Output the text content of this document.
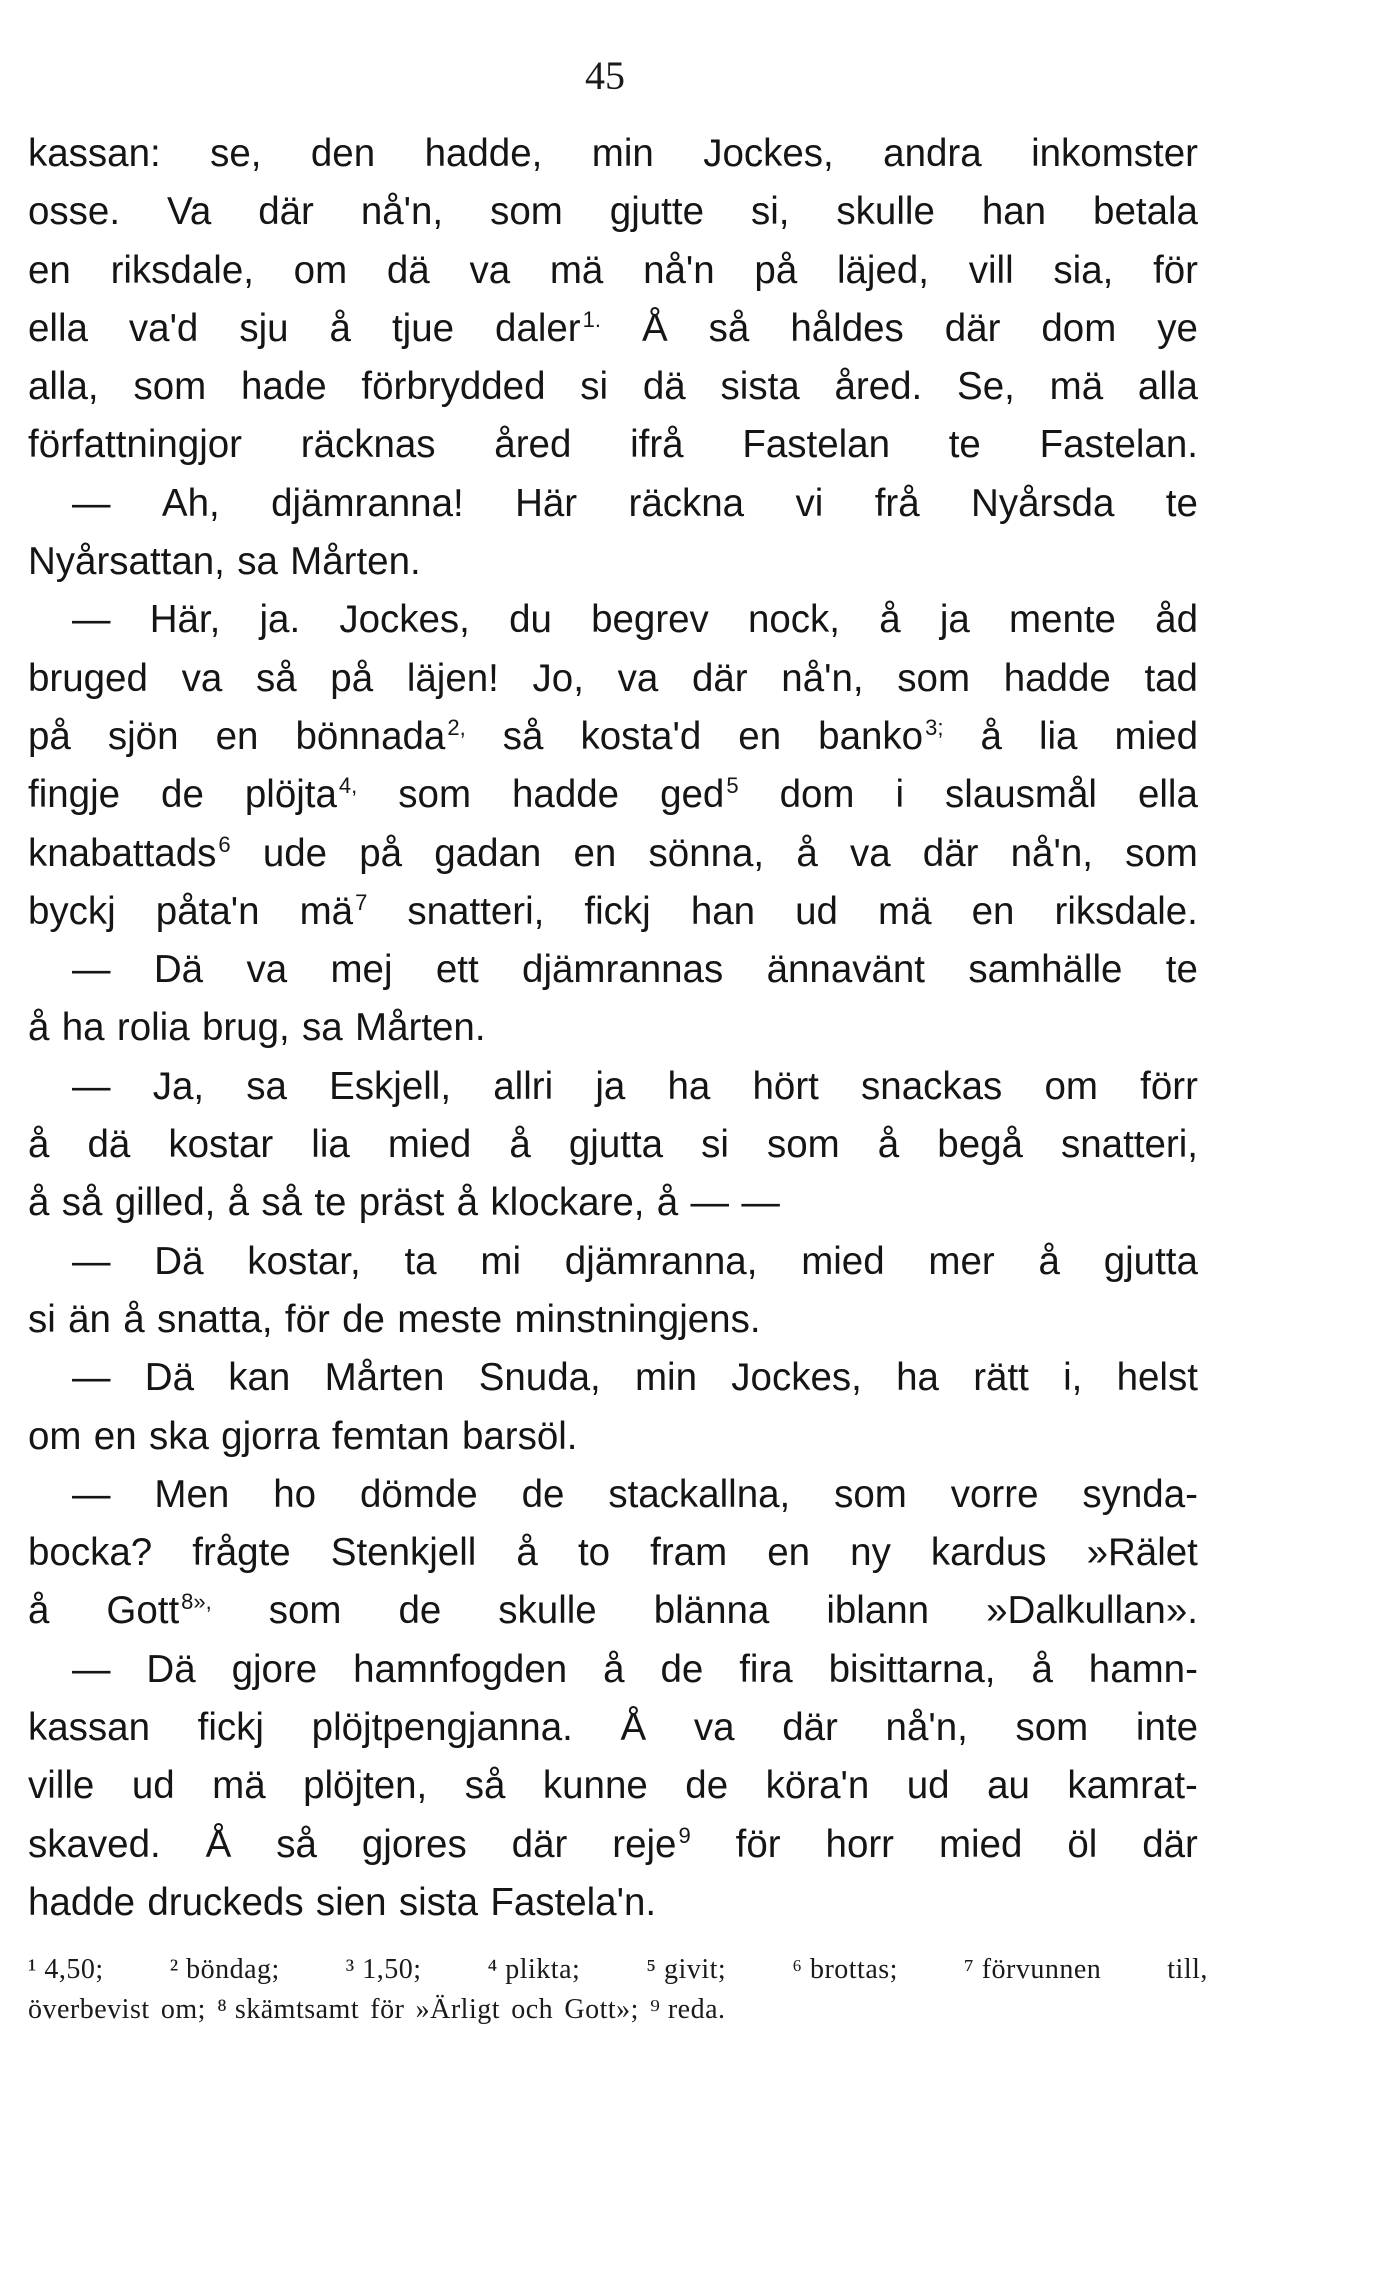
45
kassan: se, den hadde, min Jockes, andra inkomster
osse. Va där nå'n, som gjutte si, skulle han betala
en riksdale, om dä va mä nå'n på läjed, vill sia, för
ella va'd sju å tjue daler$^{1.}$ Å så håldes där dom ye
alla, som hade förbrydded si dä sista åred. Se, mä alla
författningjor räcknas åred ifrå Fastelan te Fastelan.
— Ah, djämranna! Här räckna vi frå Nyårsda te
Nyårsattan, sa Mårten.
— Här, ja. Jockes, du begrev nock, å ja mente åd
bruged va så på läjen! Jo, va där nå'n, som hadde tad
på sjön en bönnada$^{2,}$ så kosta'd en banko$^{3;}$ å lia mied
fingje de plöjta$^{4,}$ som hadde ged$^5$ dom i slausmål ella
knabattads$^6$ ude på gadan en sönna, å va där nå'n, som
byckj påta'n mä$^7$ snatteri, fickj han ud mä en riksdale.
— Dä va mej ett djämrannas ännavänt samhälle te
å ha rolia brug, sa Mårten.
— Ja, sa Eskjell, allri ja ha hört snackas om förr
å dä kostar lia mied å gjutta si som å begå snatteri,
å så gilled, å så te präst å klockare, å — —
— Dä kostar, ta mi djämranna, mied mer å gjutta
si än å snatta, för de meste minstningjens.
— Dä kan Mårten Snuda, min Jockes, ha rätt i, helst
om en ska gjorra femtan barsöl.
— Men ho dömde de stackallna, som vorre synda-
bocka? frågte Stenkjell å to fram en ny kardus »Rälet
å Gott$^{8»,}$ som de skulle blänna iblann »Dalkullan».
— Dä gjore hamnfogden å de fira bisittarna, å hamn-
kassan fickj plöjtpengjanna. Å va där nå'n, som inte
ville ud mä plöjten, så kunne de köra'n ud au kamrat-
skaved. Å så gjores där reje$^9$ för horr mied öl där
hadde druckeds sien sista Fastela'n.
¹ 4,50; ² böndag; ³ 1,50; ⁴ plikta; ⁵ givit; ⁶ brottas; ⁷ förvunnen till,
överbevist om; ⁸ skämtsamt för »Ärligt och Gott»; ⁹ reda.
